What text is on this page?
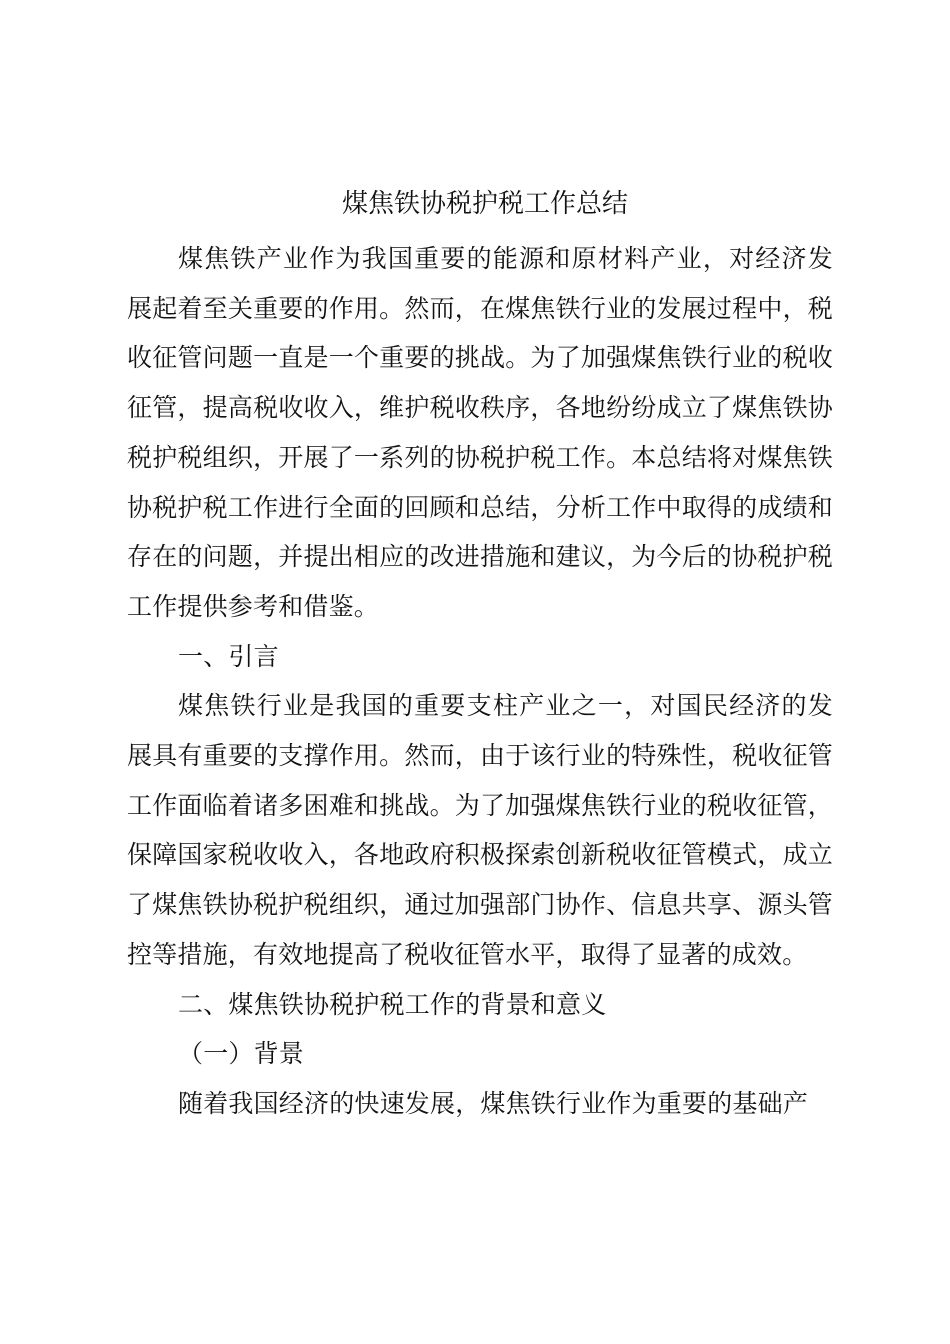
煤焦铁协税护税工作总结

煤焦铁产业作为我国重要的能源和原材料产业，对经济发展起着至关重要的作用。然而，在煤焦铁行业的发展过程中，税收征管问题一直是一个重要的挑战。为了加强煤焦铁行业的税收征管，提高税收收入，维护税收秩序，各地纷纷成立了煤焦铁协税护税组织，开展了一系列的协税护税工作。本总结将对煤焦铁协税护税工作进行全面的回顾和总结，分析工作中取得的成绩和存在的问题，并提出相应的改进措施和建议，为今后的协税护税工作提供参考和借鉴。

一、引言

煤焦铁行业是我国的重要支柱产业之一，对国民经济的发展具有重要的支撑作用。然而，由于该行业的特殊性，税收征管工作面临着诸多困难和挑战。为了加强煤焦铁行业的税收征管，保障国家税收收入，各地政府积极探索创新税收征管模式，成立了煤焦铁协税护税组织，通过加强部门协作、信息共享、源头管控等措施，有效地提高了税收征管水平，取得了显著的成效。

二、煤焦铁协税护税工作的背景和意义

（一）背景

随着我国经济的快速发展，煤焦铁行业作为重要的基础产
